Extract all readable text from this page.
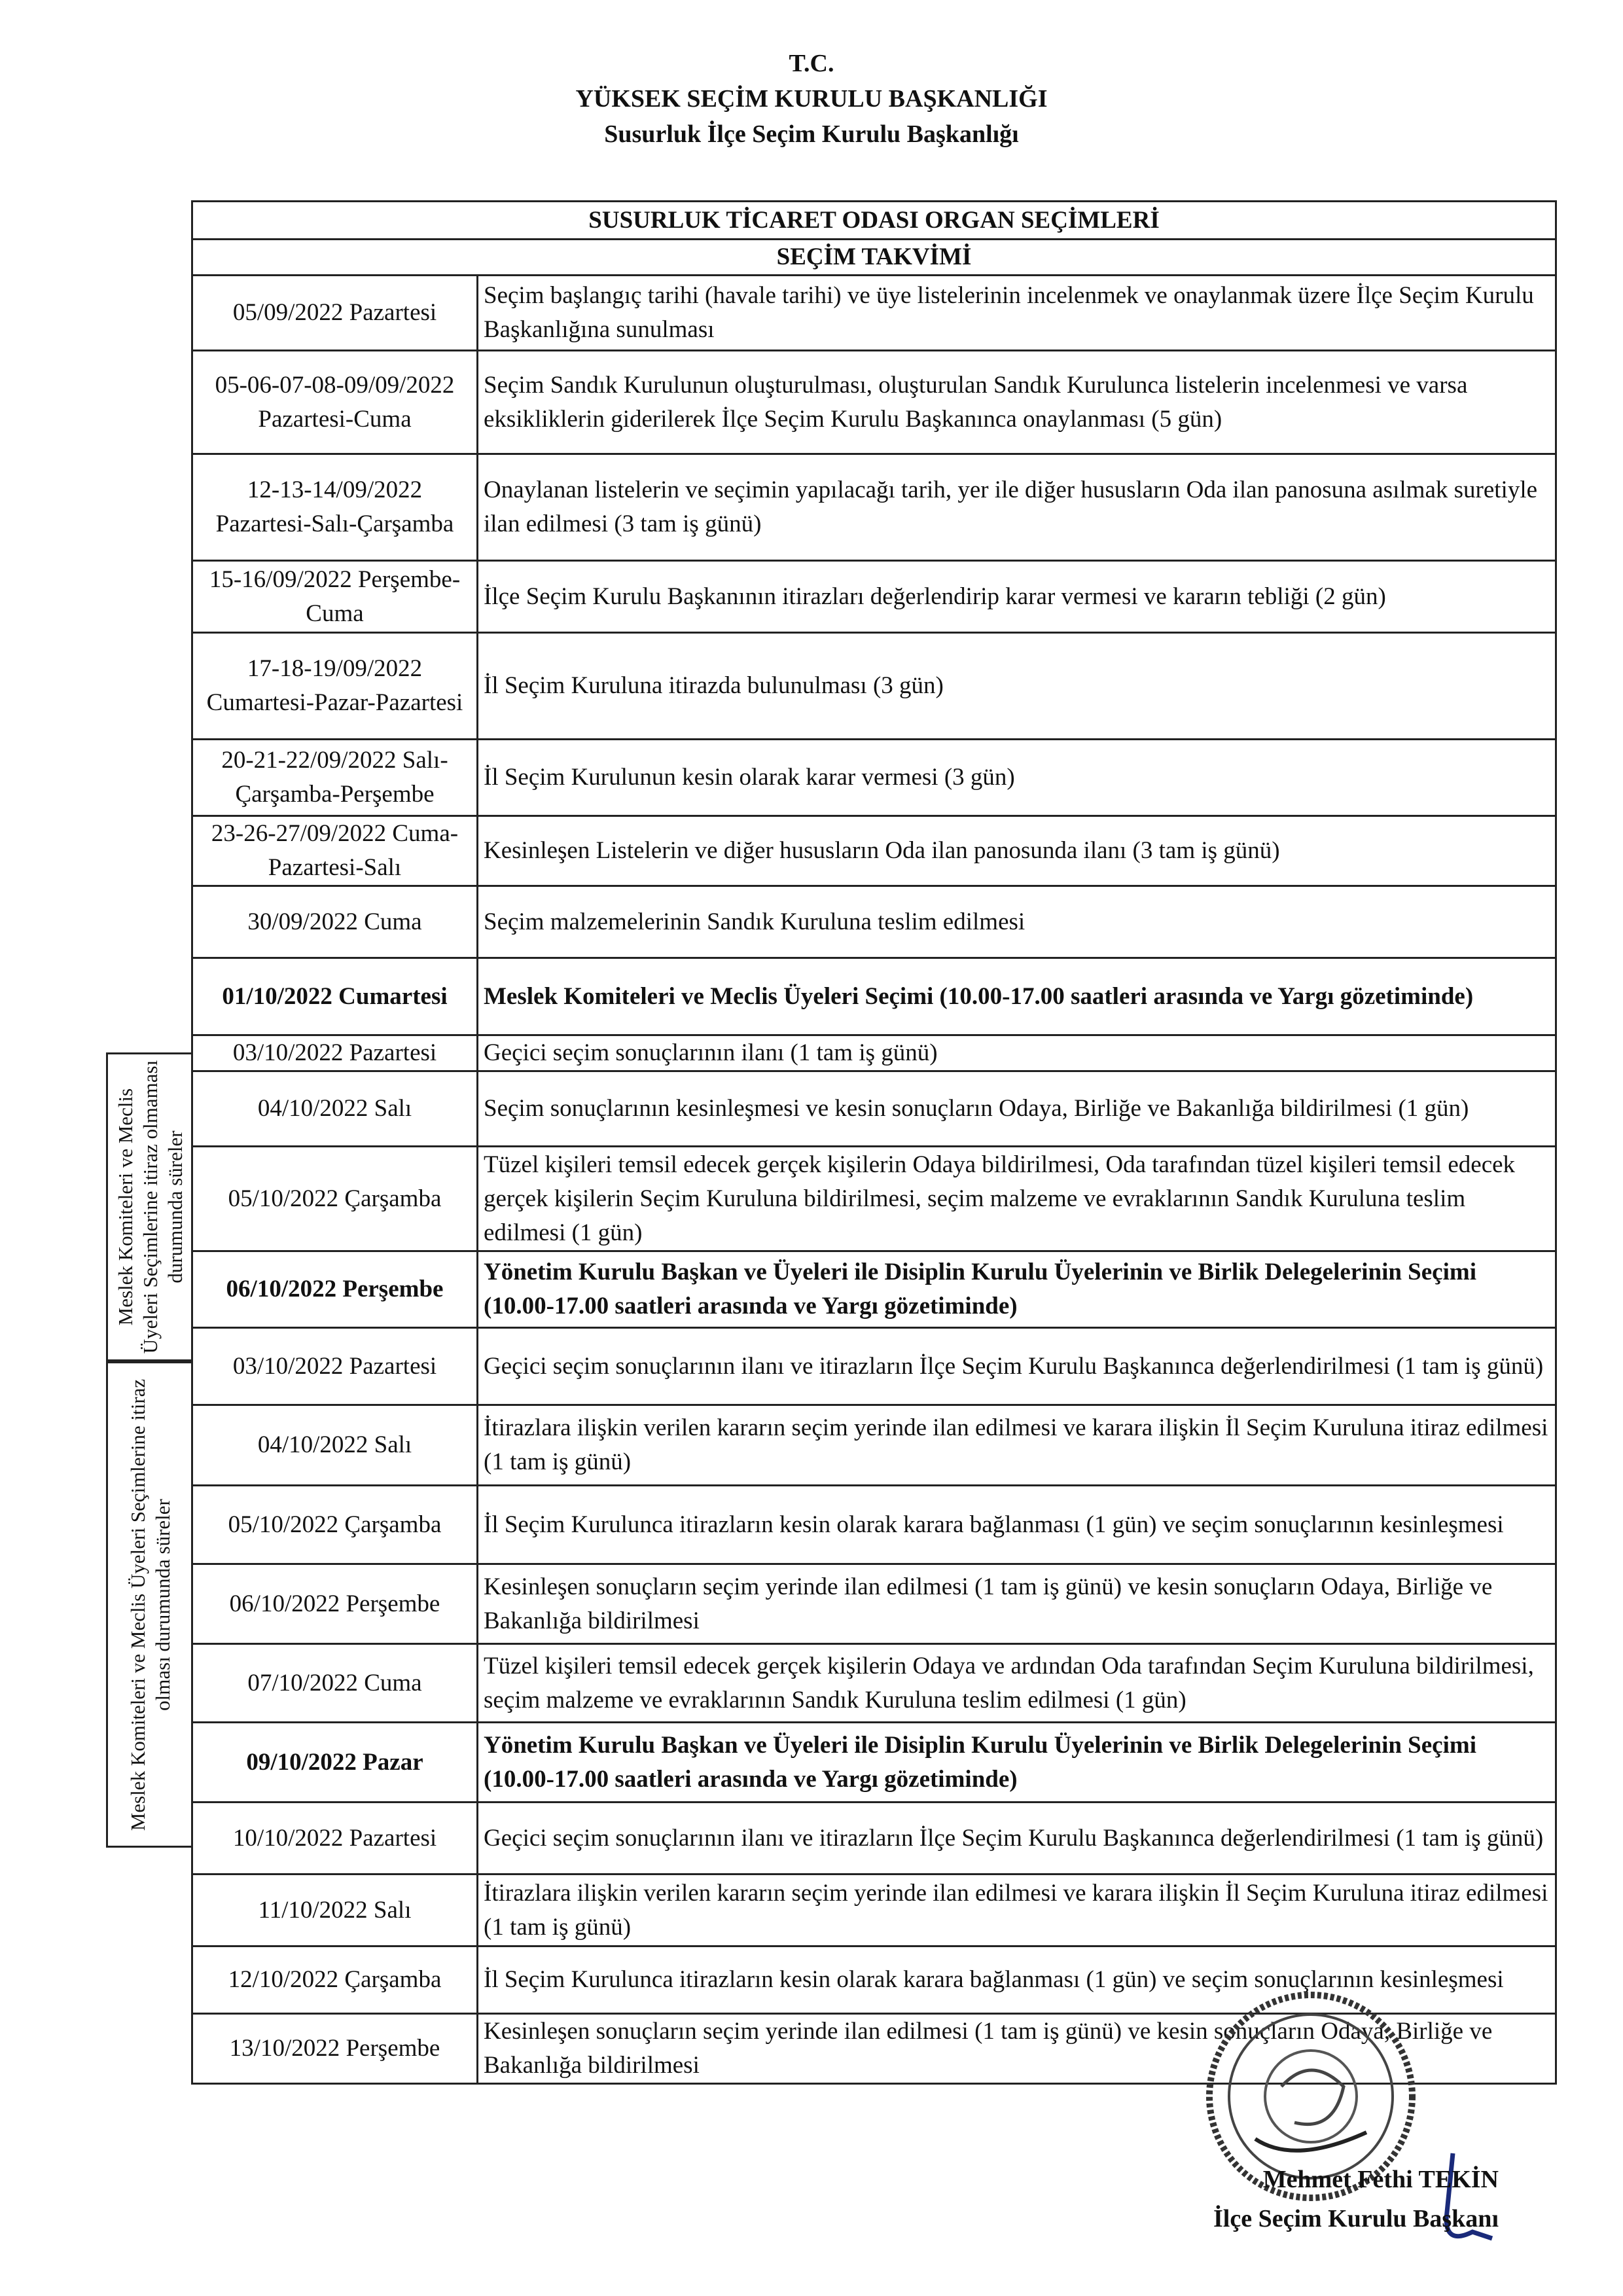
T.C.
YÜKSEK SEÇİM KURULU BAŞKANLIĞI
Susurluk İlçe Seçim Kurulu Başkanlığı
SUSURLUK TİCARET ODASI ORGAN SEÇİMLERİ	
SEÇİM TAKVİMİ	
05/09/2022 Pazartesi	Seçim başlangıç tarihi (havale tarihi) ve üye listelerinin incelenmek ve onaylanmak üzere İlçe Seçim Kurulu Başkanlığına sunulması
05-06-07-08-09/09/2022 Pazartesi-Cuma	Seçim Sandık Kurulunun oluşturulması, oluşturulan Sandık Kurulunca listelerin incelenmesi ve varsa eksikliklerin giderilerek İlçe Seçim Kurulu Başkanınca onaylanması (5 gün)
12-13-14/09/2022 Pazartesi-Salı-Çarşamba	Onaylanan listelerin ve seçimin yapılacağı tarih, yer ile diğer hususların Oda ilan panosuna asılmak suretiyle ilan edilmesi (3 tam iş günü)
15-16/09/2022 Perşembe-Cuma	İlçe Seçim Kurulu Başkanının itirazları değerlendirip karar vermesi ve kararın tebliği (2 gün)
17-18-19/09/2022 Cumartesi-Pazar-Pazartesi	İl Seçim Kuruluna itirazda bulunulması (3 gün)
20-21-22/09/2022 Salı-Çarşamba-Perşembe	İl Seçim Kurulunun kesin olarak karar vermesi (3 gün)
23-26-27/09/2022 Cuma-Pazartesi-Salı	Kesinleşen Listelerin ve diğer hususların Oda ilan panosunda ilanı (3 tam iş günü)
30/09/2022 Cuma	Seçim malzemelerinin Sandık Kuruluna teslim edilmesi
01/10/2022 Cumartesi	Meslek Komiteleri ve Meclis Üyeleri Seçimi (10.00-17.00 saatleri arasında ve Yargı gözetiminde)
03/10/2022 Pazartesi	Geçici seçim sonuçlarının ilanı (1 tam iş günü)
04/10/2022 Salı	Seçim sonuçlarının kesinleşmesi ve kesin sonuçların Odaya, Birliğe ve Bakanlığa bildirilmesi (1 gün)
05/10/2022 Çarşamba	Tüzel kişileri temsil edecek gerçek kişilerin Odaya bildirilmesi, Oda tarafından tüzel kişileri temsil edecek gerçek kişilerin Seçim Kuruluna bildirilmesi, seçim malzeme ve evraklarının Sandık Kuruluna teslim edilmesi (1 gün)
06/10/2022 Perşembe	Yönetim Kurulu Başkan ve Üyeleri ile Disiplin Kurulu Üyelerinin ve Birlik Delegelerinin Seçimi (10.00-17.00 saatleri arasında ve Yargı gözetiminde)
03/10/2022 Pazartesi	Geçici seçim sonuçlarının ilanı ve itirazların İlçe Seçim Kurulu Başkanınca değerlendirilmesi (1 tam iş günü)
04/10/2022 Salı	İtirazlara ilişkin verilen kararın seçim yerinde ilan edilmesi ve karara ilişkin İl Seçim Kuruluna itiraz edilmesi (1 tam iş günü)
05/10/2022 Çarşamba	İl Seçim Kurulunca itirazların kesin olarak karara bağlanması (1 gün) ve seçim sonuçlarının kesinleşmesi
06/10/2022 Perşembe	Kesinleşen sonuçların seçim yerinde ilan edilmesi (1 tam iş günü) ve kesin sonuçların Odaya, Birliğe ve Bakanlığa bildirilmesi
07/10/2022 Cuma	Tüzel kişileri temsil edecek gerçek kişilerin Odaya ve ardından Oda tarafından Seçim Kuruluna bildirilmesi, seçim malzeme ve evraklarının Sandık Kuruluna teslim edilmesi (1 gün)
09/10/2022 Pazar	Yönetim Kurulu Başkan ve Üyeleri ile Disiplin Kurulu Üyelerinin ve Birlik Delegelerinin Seçimi (10.00-17.00 saatleri arasında ve Yargı gözetiminde)
10/10/2022 Pazartesi	Geçici seçim sonuçlarının ilanı ve itirazların İlçe Seçim Kurulu Başkanınca değerlendirilmesi (1 tam iş günü)
11/10/2022 Salı	İtirazlara ilişkin verilen kararın seçim yerinde ilan edilmesi ve karara ilişkin İl Seçim Kuruluna itiraz edilmesi (1 tam iş günü)
12/10/2022 Çarşamba	İl Seçim Kurulunca itirazların kesin olarak karara bağlanması (1 gün) ve seçim sonuçlarının kesinleşmesi
13/10/2022 Perşembe	Kesinleşen sonuçların seçim yerinde ilan edilmesi (1 tam iş günü) ve kesin sonuçların Odaya, Birliğe ve Bakanlığa bildirilmesi
Meslek Komiteleri ve Meclis Üyeleri Seçimlerine itiraz olmaması durumunda süreler
Meslek Komiteleri ve Meclis Üyeleri Seçimlerine itiraz olması durumunda süreler
Mehmet Fethi TEKİN
İlçe Seçim Kurulu Başkanı
